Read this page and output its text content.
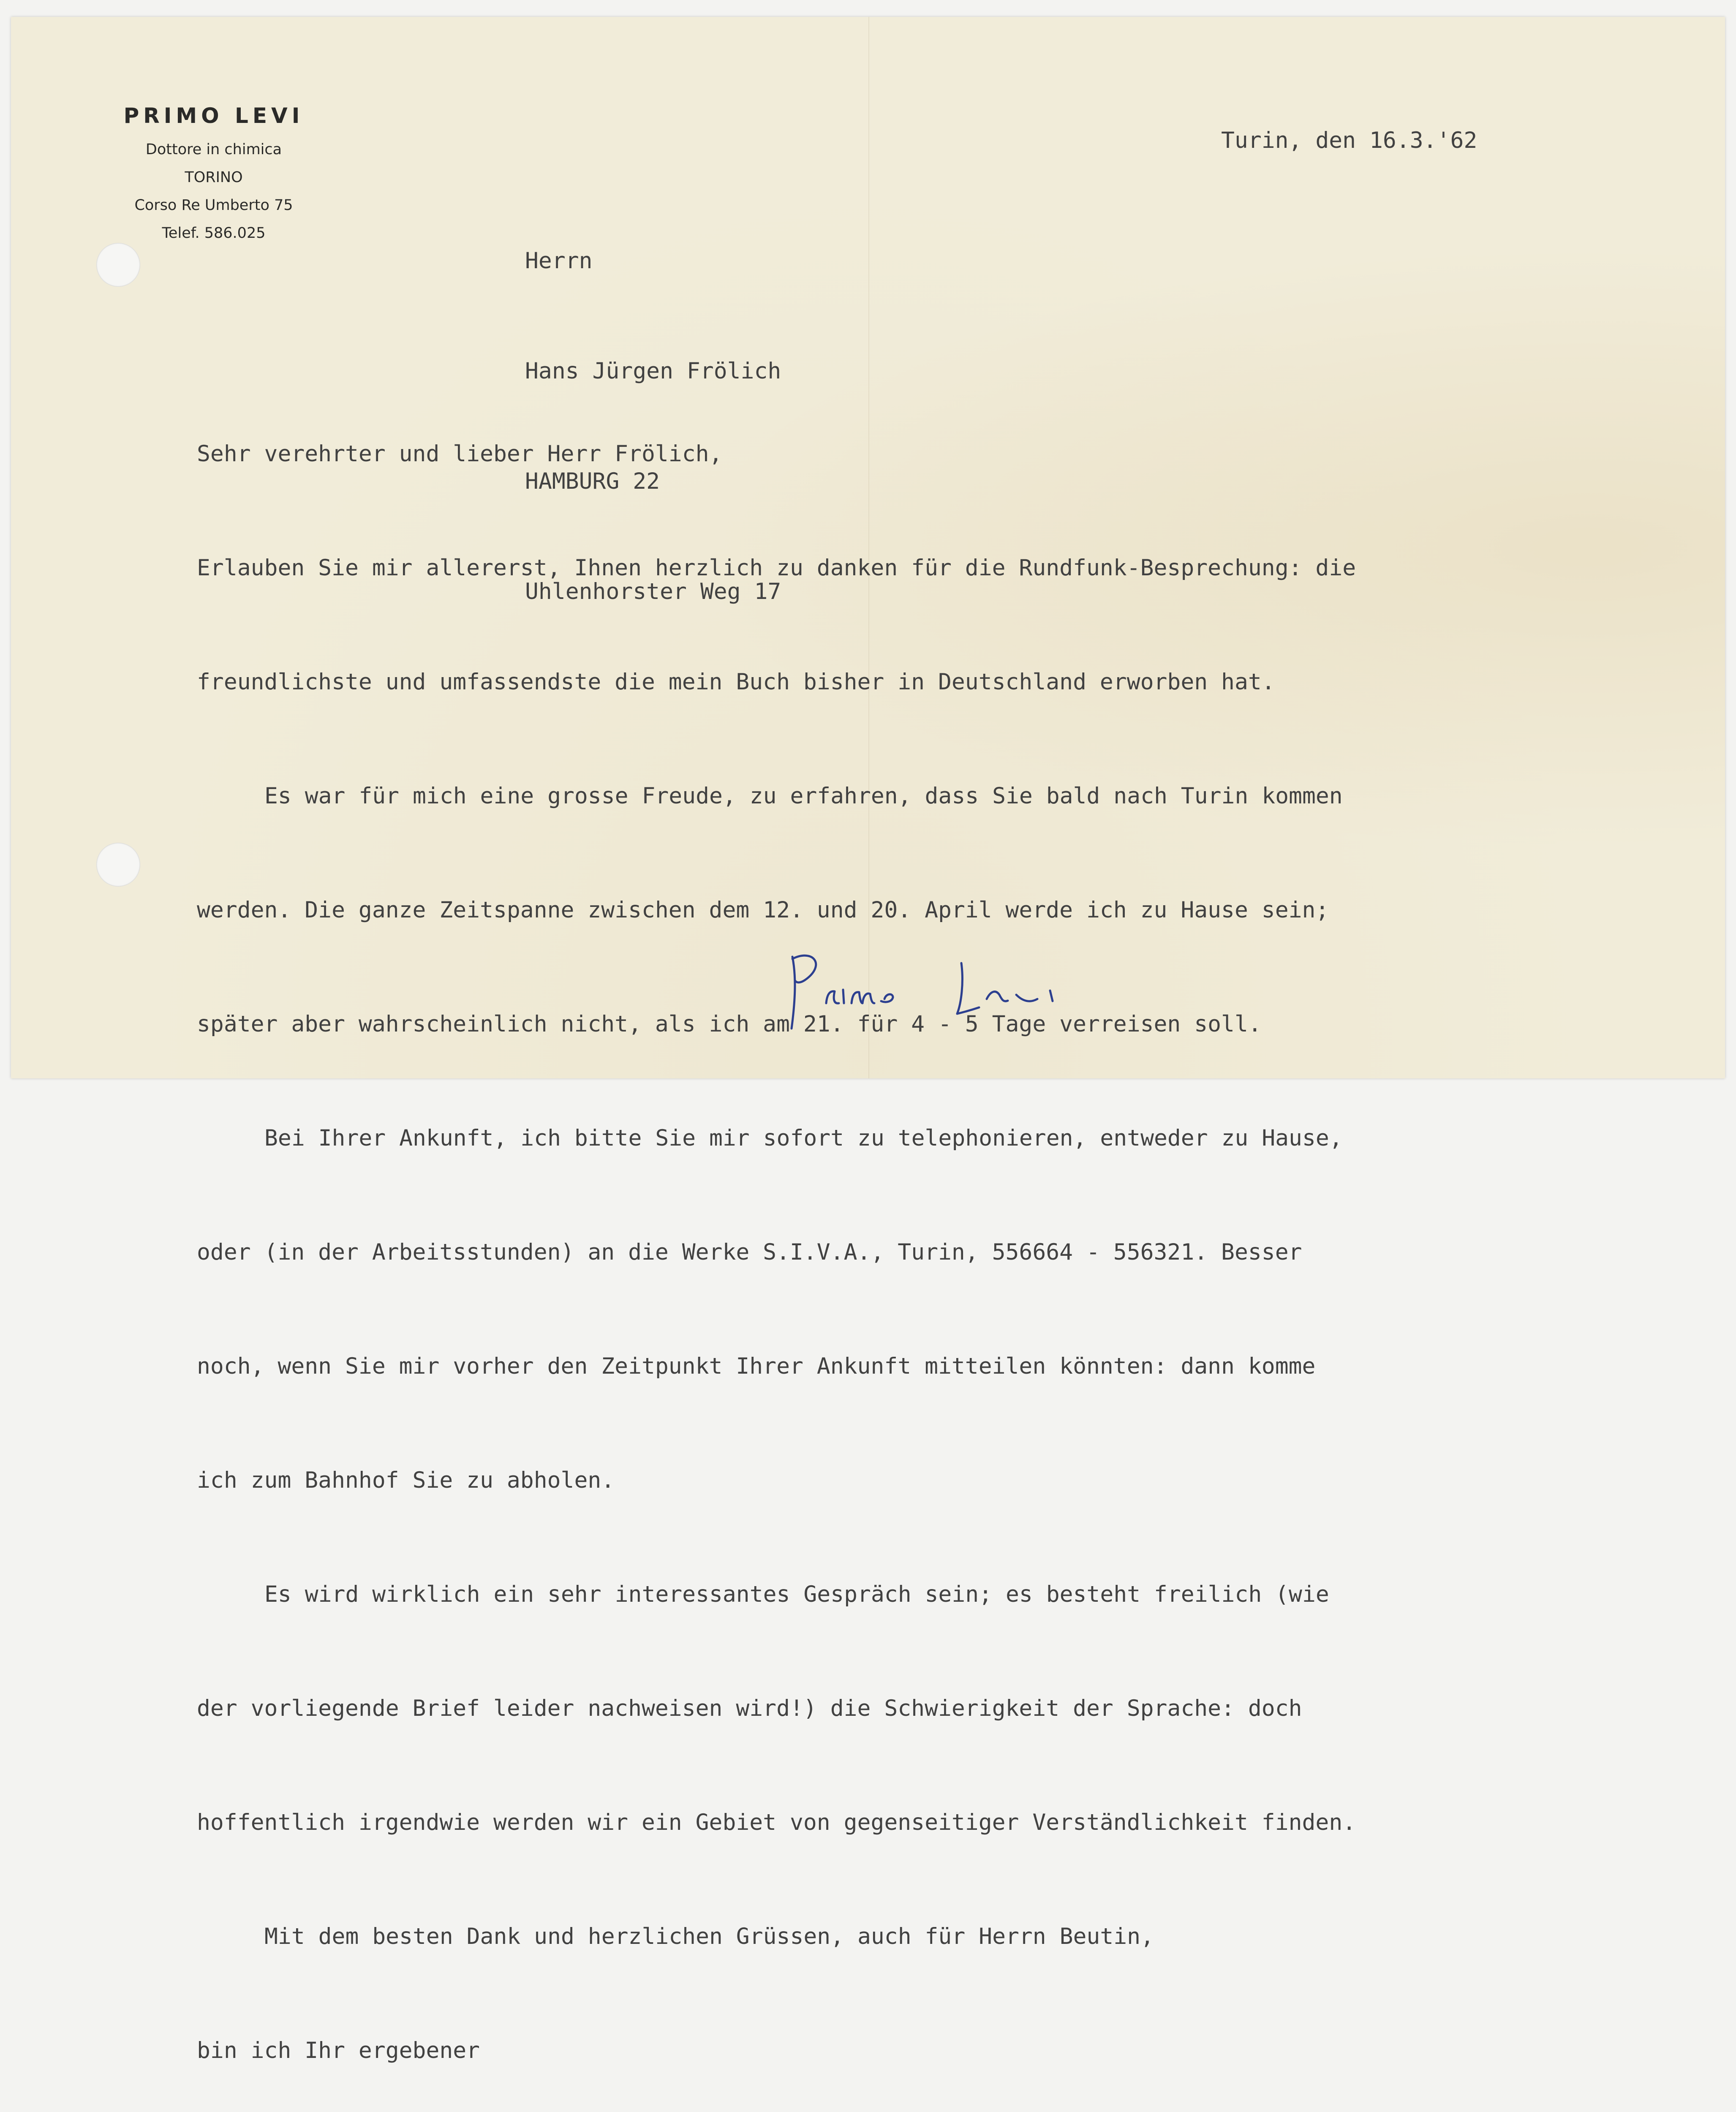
PRIMO LEVI
Dottore in chimica
TORINO
Corso Re Umberto 75
Telef. 586.025
Turin, den 16.3.'62

Herrn

Hans Jürgen Frölich

HAMBURG 22

Uhlenhorster Weg 17

Sehr verehrter und lieber Herr Frölich,

Erlauben Sie mir allererst, Ihnen herzlich zu danken für die Rundfunk-Besprechung: die

freundlichste und umfassendste die mein Buch bisher in Deutschland erworben hat.

Es war für mich eine grosse Freude, zu erfahren, dass Sie bald nach Turin kommen

werden. Die ganze Zeitspanne zwischen dem 12. und 20. April werde ich zu Hause sein;

später aber wahrscheinlich nicht, als ich am 21. für 4 - 5 Tage verreisen soll.

Bei Ihrer Ankunft, ich bitte Sie mir sofort zu telephonieren, entweder zu Hause,

oder (in der Arbeitsstunden) an die Werke S.I.V.A., Turin, 556664 - 556321. Besser

noch, wenn Sie mir vorher den Zeitpunkt Ihrer Ankunft mitteilen könnten: dann komme

ich zum Bahnhof Sie zu abholen.

Es wird wirklich ein sehr interessantes Gespräch sein; es besteht freilich (wie

der vorliegende Brief leider nachweisen wird!) die Schwierigkeit der Sprache: doch

hoffentlich irgendwie werden wir ein Gebiet von gegenseitiger Verständlichkeit finden.

Mit dem besten Dank und herzlichen Grüssen, auch für Herrn Beutin,

bin ich Ihr ergebener
